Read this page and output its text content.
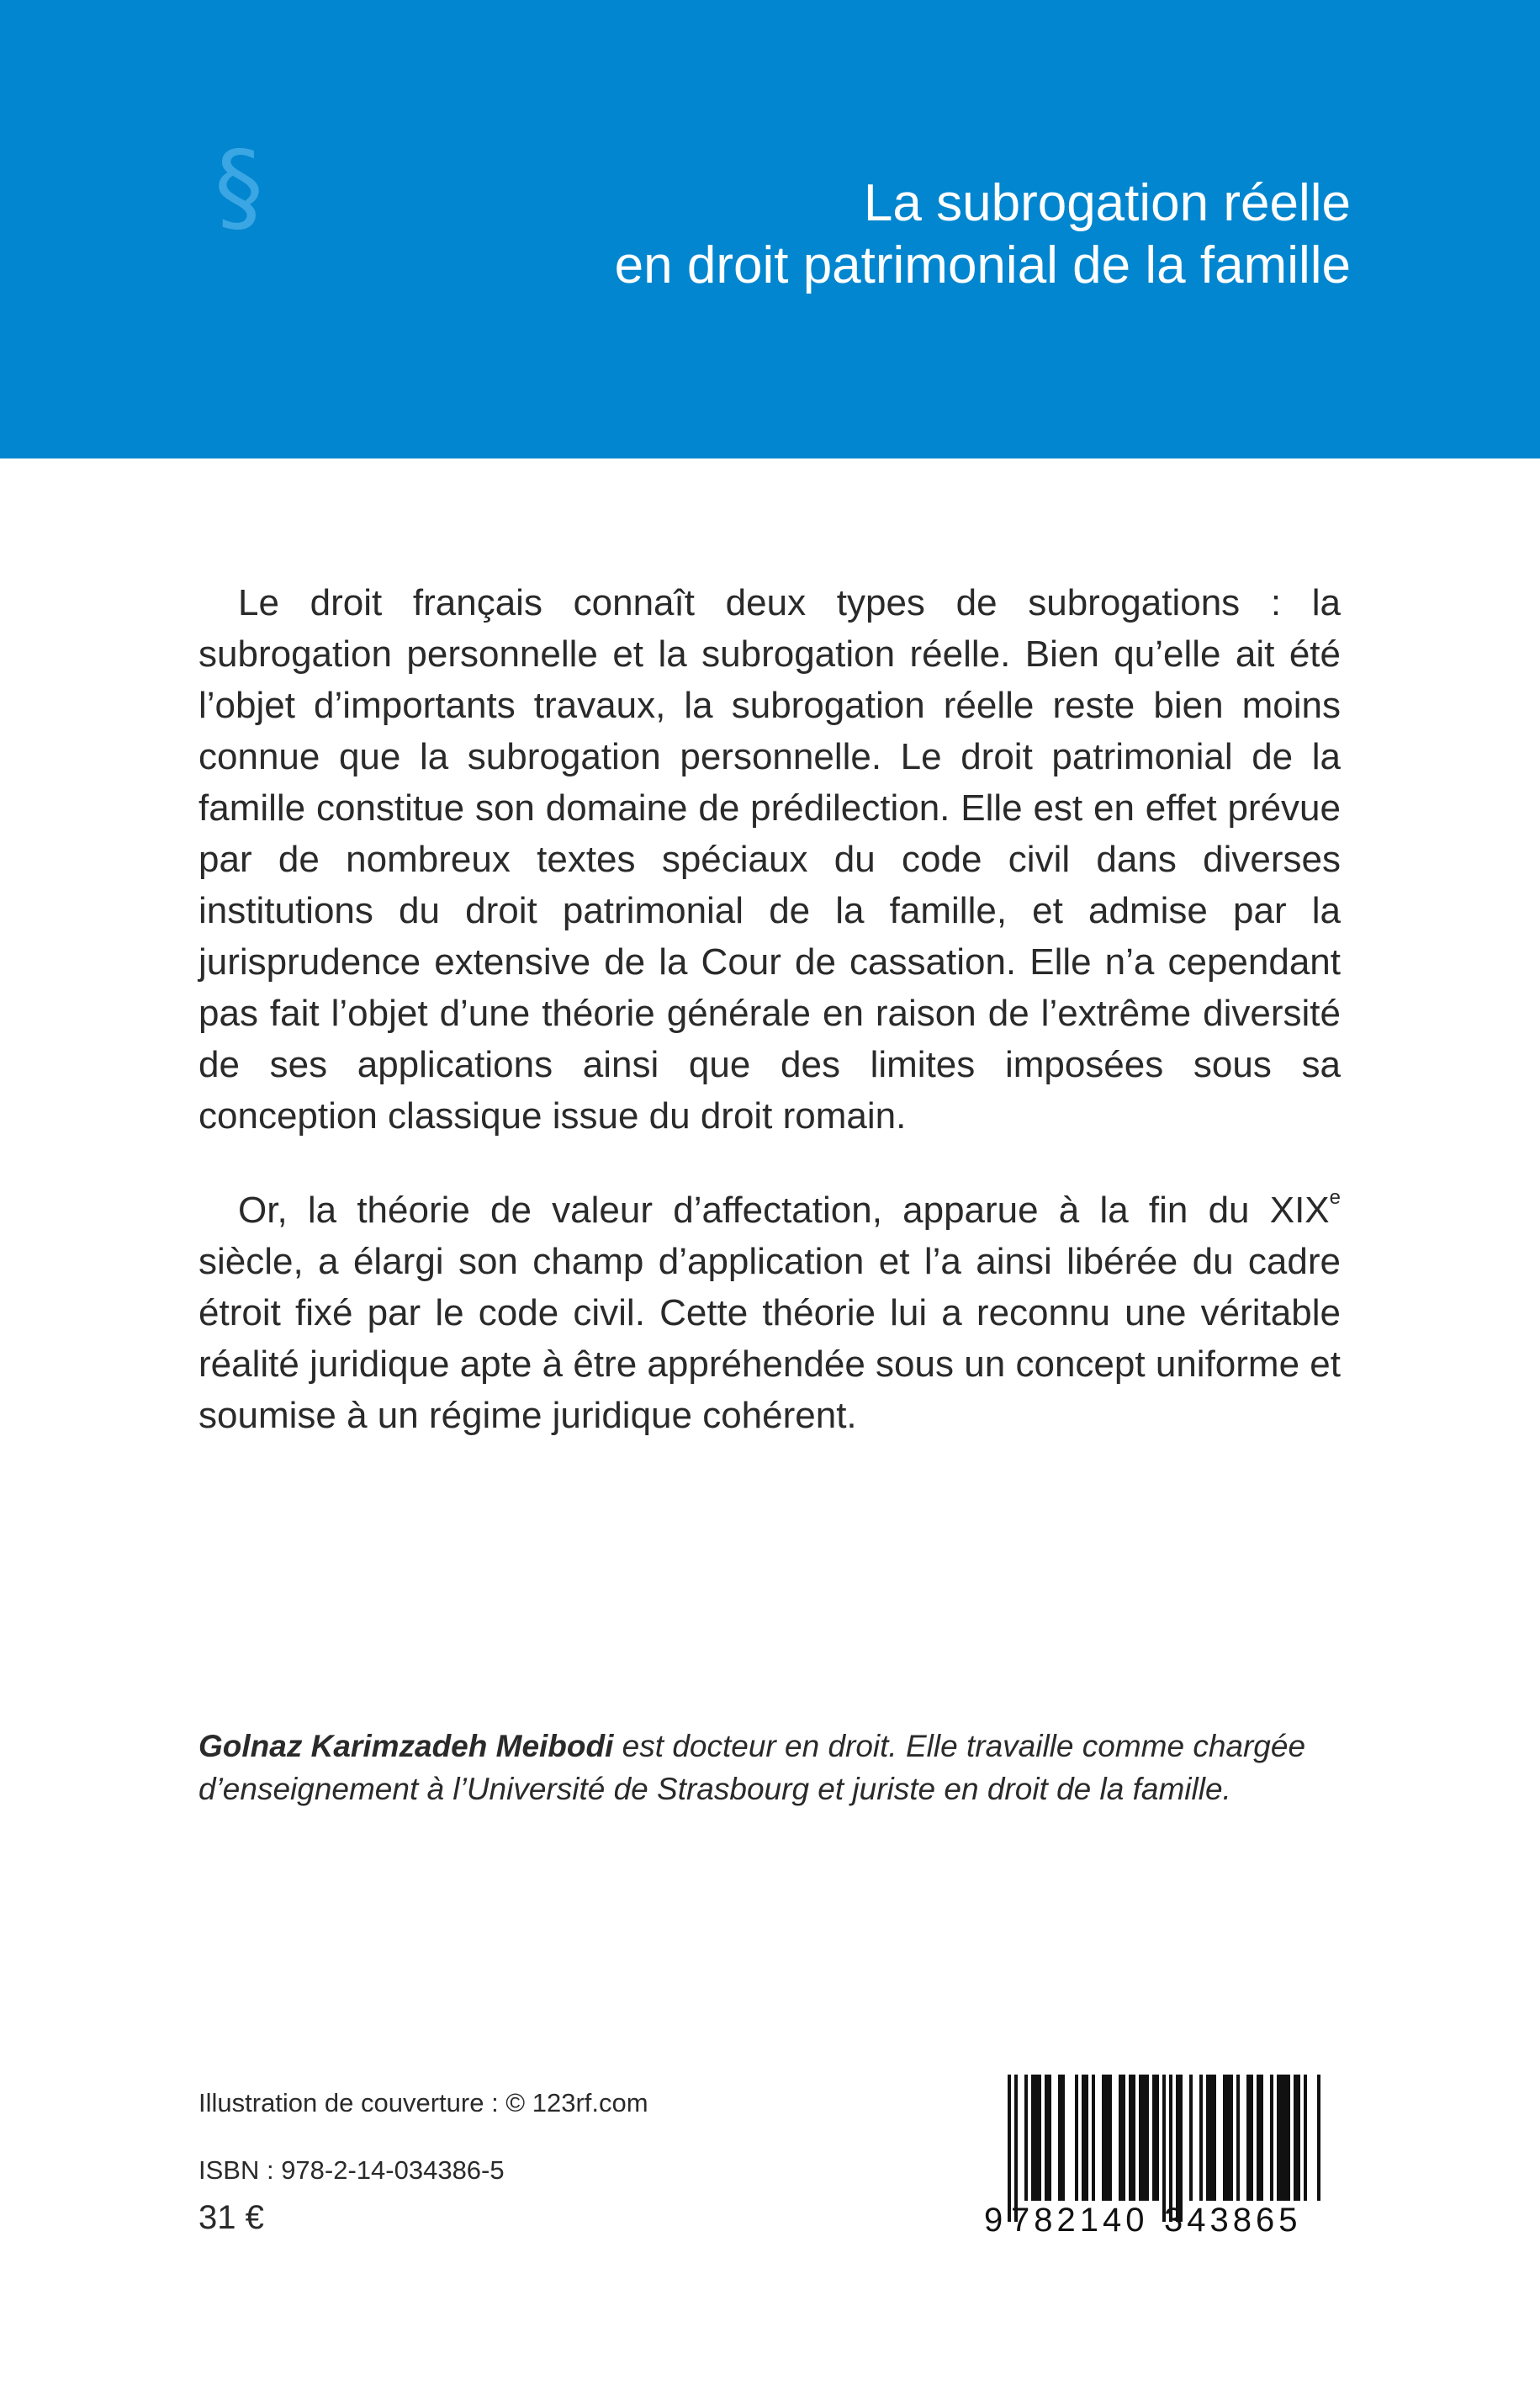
§	La subrogation réelle
en droit patrimonial de la famille

Le droit français connaît deux types de subrogations : la subrogation personnelle et la subrogation réelle. Bien qu’elle ait été l’objet d’importants travaux, la subrogation réelle reste bien moins connue que la subrogation personnelle. Le droit patrimonial de la famille constitue son domaine de prédilection. Elle est en effet prévue par de nombreux textes spéciaux du code civil dans diverses institutions du droit patrimonial de la famille, et admise par la jurisprudence extensive de la Cour de cassation. Elle n’a cependant pas fait l’objet d’une théorie générale en raison de l’extrême diversité de ses applications ainsi que des limites imposées sous sa conception classique issue du droit romain.

Or, la théorie de valeur d’affectation, apparue à la fin du XIXe siècle, a élargi son champ d’application et l’a ainsi libérée du cadre étroit fixé par le code civil. Cette théorie lui a reconnu une véritable réalité juridique apte à être appréhendée sous un concept uniforme et soumise à un régime juridique cohérent.

Golnaz Karimzadeh Meibodi est docteur en droit. Elle travaille comme chargée d’enseignement à l’Université de Strasbourg et juriste en droit de la famille.

Illustration de couverture : © 123rf.com
ISBN : 978-2-14-034386-5
31 €	9 782140 343865
